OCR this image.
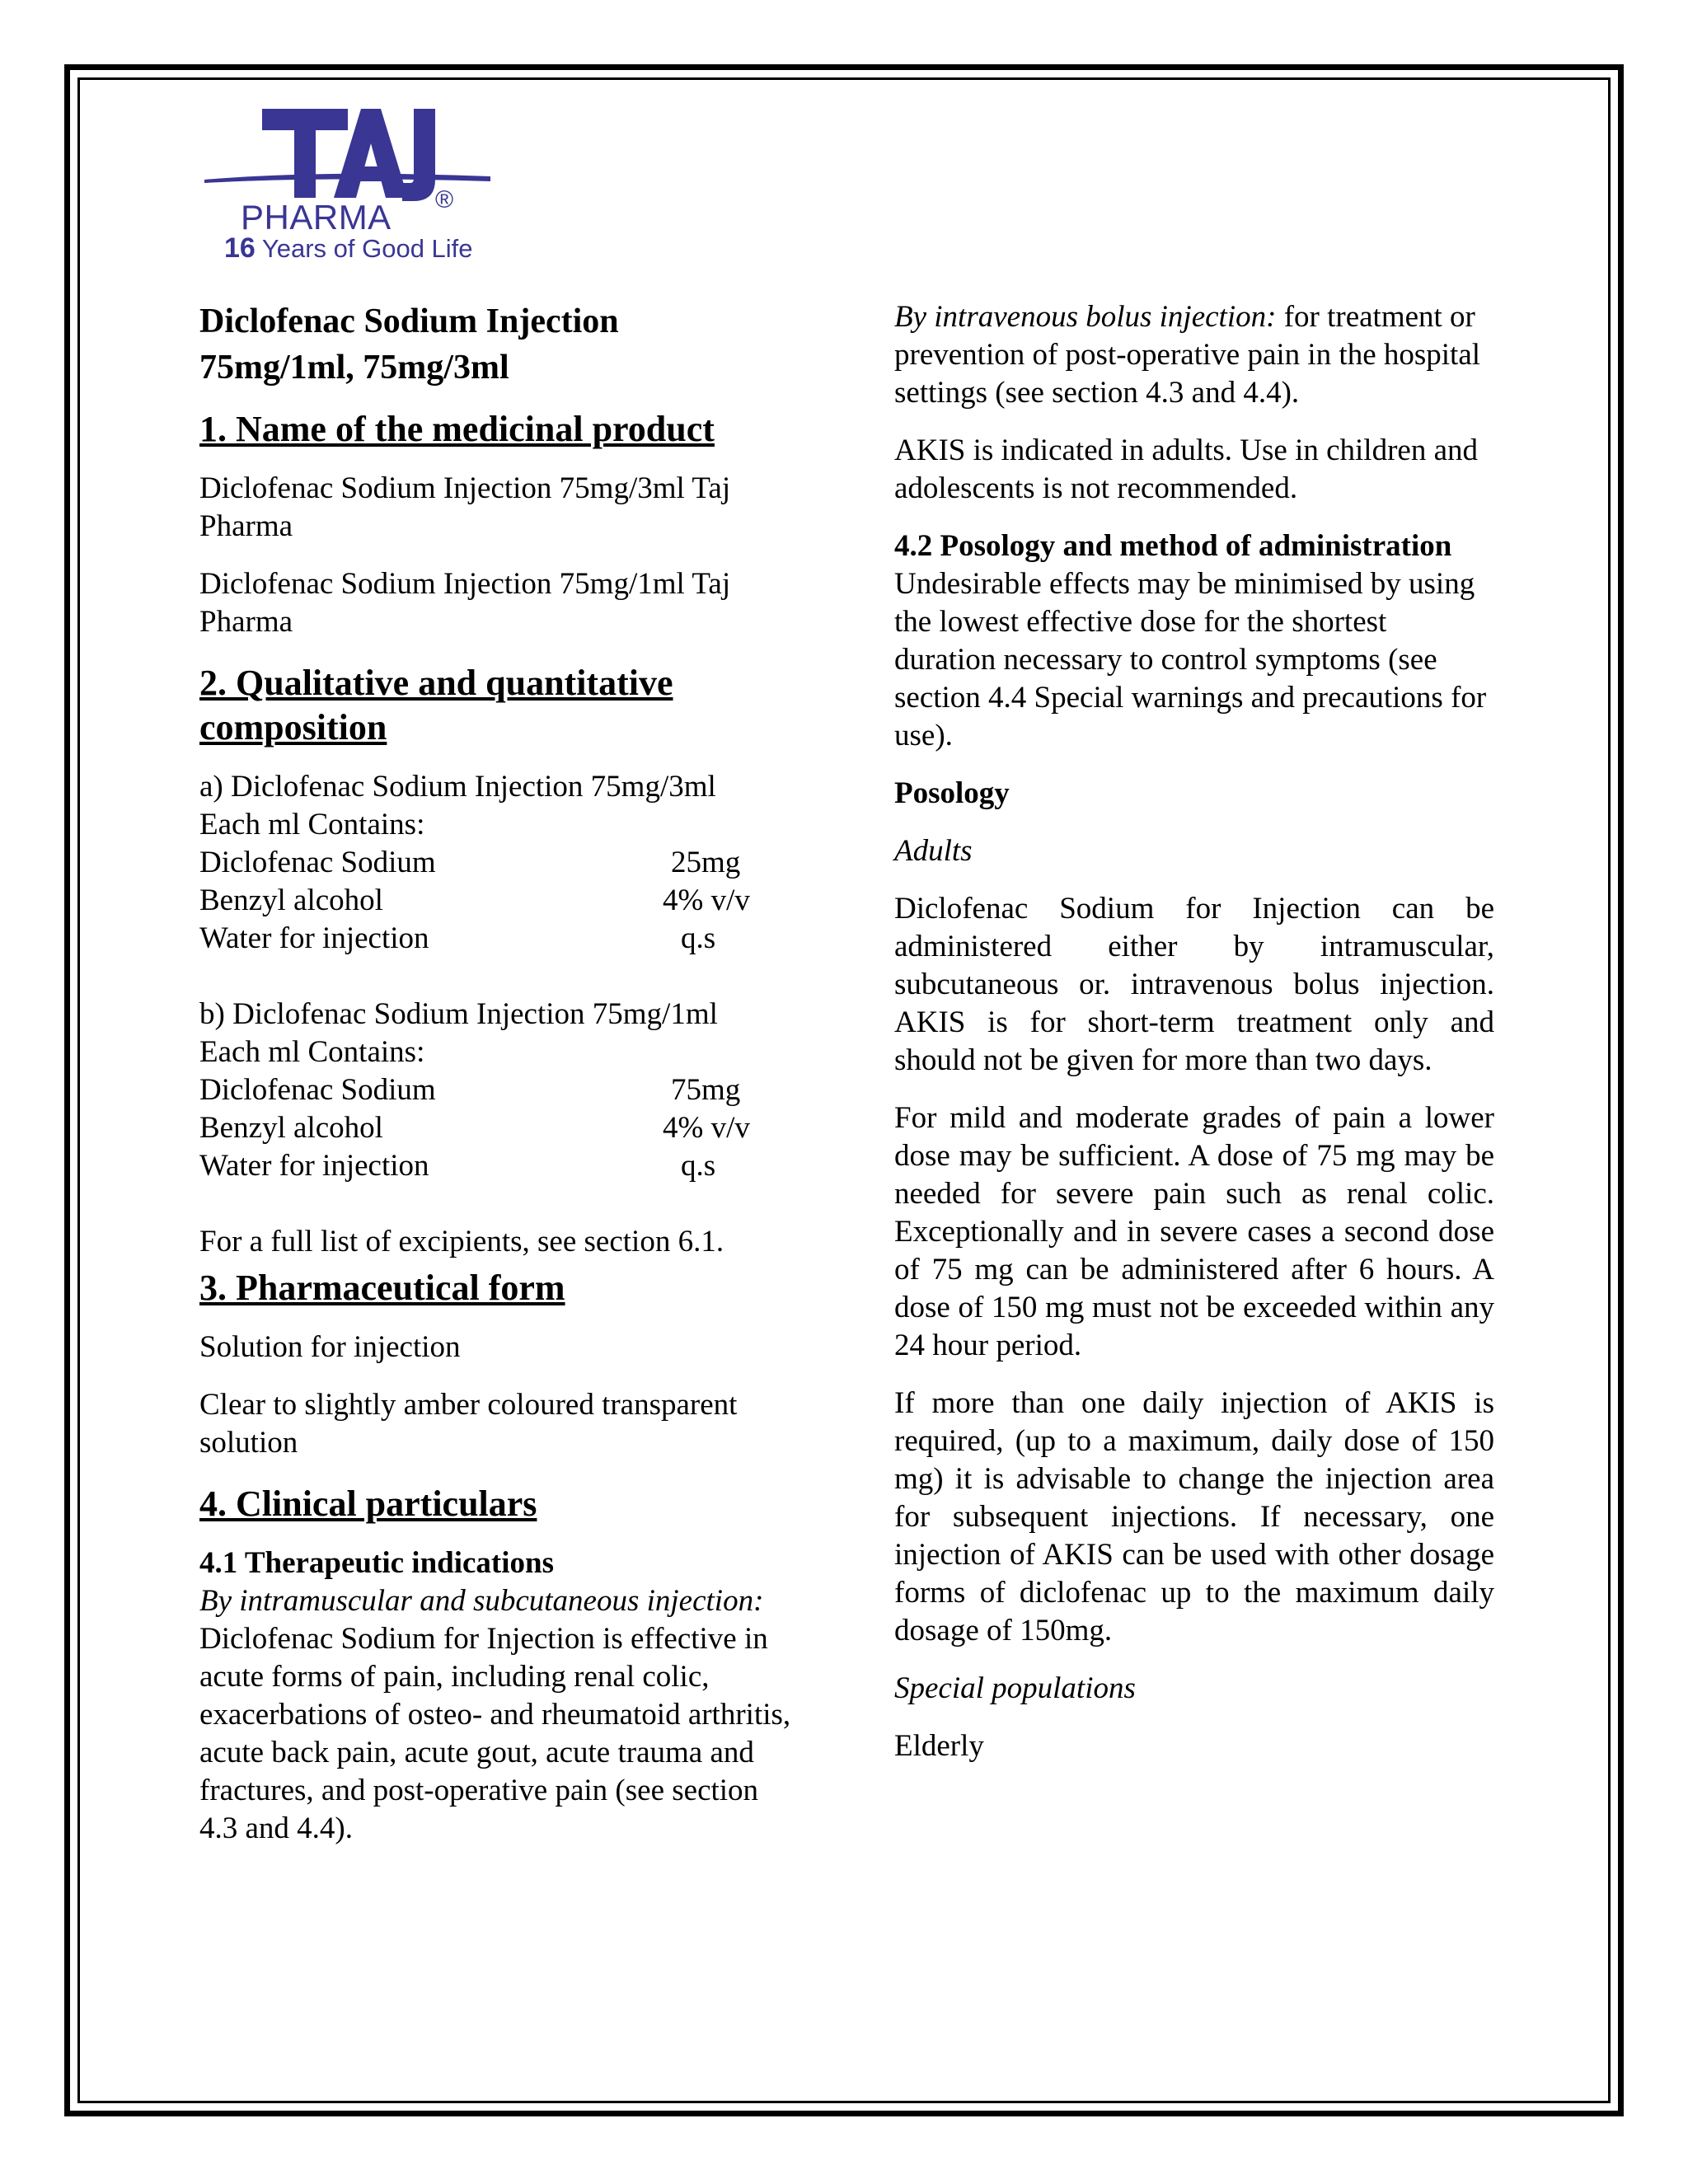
PHARMA ®
16 Years of Good Life
Diclofenac Sodium Injection
75mg/1ml, 75mg/3ml
1. Name of the medicinal product

Diclofenac Sodium Injection 75mg/3ml Taj Pharma

Diclofenac Sodium Injection 75mg/1ml Taj Pharma

2. Qualitative and quantitative
composition
a) Diclofenac Sodium Injection 75mg/3ml
Each ml Contains:
Diclofenac Sodium	25mg
Benzyl alcohol	4% v/v
Water for injection	q.s
b) Diclofenac Sodium Injection 75mg/1ml
Each ml Contains:
Diclofenac Sodium	75mg
Benzyl alcohol	4% v/v
Water for injection	q.s
For a full list of excipients, see section 6.1.
3. Pharmaceutical form

Solution for injection

Clear to slightly amber coloured transparent solution

4. Clinical particulars
4.1 Therapeutic indications

By intramuscular and subcutaneous injection: Diclofenac Sodium for Injection is effective in acute forms of pain, including renal colic, exacerbations of osteo- and rheumatoid arthritis, acute back pain, acute gout, acute trauma and fractures, and post-operative pain (see section 4.3 and 4.4).

By intravenous bolus injection: for treatment or prevention of post-operative pain in the hospital settings (see section 4.3 and 4.4).

AKIS is indicated in adults. Use in children and adolescents is not recommended.

4.2 Posology and method of administration

Undesirable effects may be minimised by using the lowest effective dose for the shortest duration necessary to control symptoms (see section 4.4 Special warnings and precautions for use).

Posology

Adults

Diclofenac Sodium for Injection can be administered either by intramuscular, subcutaneous or. intravenous bolus injection. AKIS is for short-term treatment only and should not be given for more than two days.

For mild and moderate grades of pain a lower dose may be sufficient. A dose of 75 mg may be needed for severe pain such as renal colic. Exceptionally and in severe cases a second dose of 75 mg can be administered after 6 hours. A dose of 150 mg must not be exceeded within any 24 hour period.

If more than one daily injection of AKIS is required, (up to a maximum, daily dose of 150 mg) it is advisable to change the injection area for subsequent injections. If necessary, one injection of AKIS can be used with other dosage forms of diclofenac up to the maximum daily dosage of 150mg.

Special populations

Elderly
